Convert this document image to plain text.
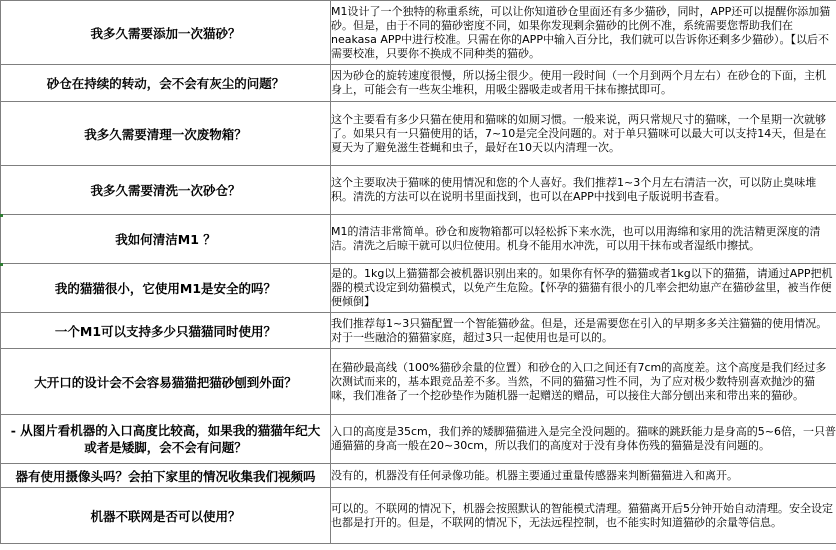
我多久需要添加一次猫砂？	M1设计了一个独特的称重系统，可以让你知道砂仓里面还有多少猫砂，同时，APP还可以提醒你添加猫砂。但是，由于不同的猫砂密度不同，如果你发现剩余猫砂的比例不准，系统需要您帮助我们在neakasa APP中进行校准。只需在你的APP中输入百分比，我们就可以告诉你还剩多少猫砂）。【以后不需要校准，只要你不换成不同种类的猫砂。
砂仓在持续的转动，会不会有灰尘的问题？	因为砂仓的旋转速度很慢，所以扬尘很少。使用一段时间（一个月到两个月左右）在砂仓的下面，主机身上，可能会有一些灰尘堆积，用吸尘器吸走或者用干抹布擦拭即可。
我多久需要清理一次废物箱？	这个主要看有多少只猫在使用和猫咪的如厕习惯。一般来说，两只常规尺寸的猫咪，一个星期一次就够了。如果只有一只猫使用的话，7~10是完全没问题的。对于单只猫咪可以最大可以支持14天，但是在夏天为了避免滋生苍蝇和虫子，最好在10天以内清理一次。
我多久需要清洗一次砂仓？	这个主要取决于猫咪的使用情况和您的个人喜好。我们推荐1~3个月左右清洁一次，可以防止臭味堆积。清洗的方法可以在说明书里面找到，也可以在APP中找到电子版说明书查看。
我如何清洁M1 ？	M1的清洁非常简单。砂仓和废物箱都可以轻松拆下来水洗，也可以用海绵和家用的洗洁精更深度的清洁。清洗之后晾干就可以归位使用。机身不能用水冲洗，可以用干抹布或者湿纸巾擦拭。
我的猫猫很小，它使用M1是安全的吗？	是的。1kg以上猫猫都会被机器识别出来的。如果你有怀孕的猫猫或者1kg以下的猫猫，请通过APP把机器的模式设定到幼猫模式，以免产生危险。【怀孕的猫猫有很小的几率会把幼崽产在猫砂盆里，被当作便便倾倒】
一个M1可以支持多少只猫猫同时使用？	我们推荐每1~3只猫配置一个智能猫砂盆。但是，还是需要您在引入的早期多多关注猫猫的使用情况。对于一些融洽的猫猫家庭，超过3只一起使用也是可以的。
大开口的设计会不会容易猫猫把猫砂刨到外面？	在猫砂最高线（100%猫砂余量的位置）和砂仓的入口之间还有7cm的高度差。这个高度是我们经过多次测试而来的，基本跟竞品差不多。当然，不同的猫猫习性不同，为了应对极少数特别喜欢抛沙的猫咪，我们准备了一个挖砂垫作为随机器一起赠送的赠品，可以接住大部分刨出来和带出来的猫砂。
- 从图片看机器的入口高度比较高，如果我的猫猫年纪大或者是矮脚，会不会有问题？	入口的高度是35cm，我们养的矮脚猫猫进入是完全没问题的。猫咪的跳跃能力是身高的5~6倍，一只普通猫猫的身高一般在20~30cm，所以我们的高度对于没有身体伤残的猫猫是没有问题的。
器有使用摄像头吗？会拍下家里的情况收集我们视频吗	没有的，机器没有任何录像功能。机器主要通过重量传感器来判断猫猫进入和离开。
机器不联网是否可以使用？	可以的。不联网的情况下，机器会按照默认的智能模式清理。猫猫离开后5分钟开始自动清理。安全设定也都是打开的。但是，不联网的情况下，无法远程控制，也不能实时知道猫砂的余量等信息。
